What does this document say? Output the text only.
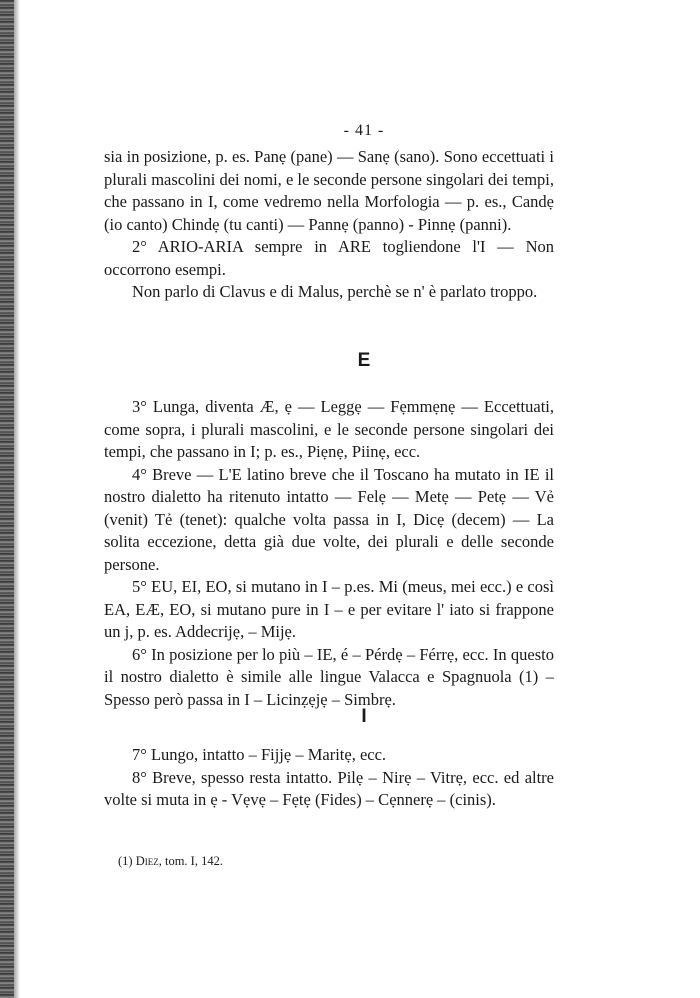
- 41 -

sia in posizione, p. es. Panẹ (pane) — Sanẹ (sano). Sono eccettuati i plurali mascolini dei nomi, e le seconde persone singolari dei tempi, che passano in I, come vedremo nella Morfologia — p. es., Candẹ (io canto) Chindẹ (tu canti) — Pannẹ (panno) - Pinnẹ (panni).

2° ARIO-ARIA sempre in ARE togliendone l'I — Non occorrono esempi.

Non parlo di Clavus e di Malus, perchè se n' è parlato troppo.

E

3° Lunga, diventa Æ, ẹ — Leggẹ — Fẹmmẹnẹ — Eccettuati, come sopra, i plurali mascolini, e le seconde persone singolari dei tempi, che passano in I; p. es., Piẹnẹ, Piinẹ, ecc.

4° Breve — L'E latino breve che il Toscano ha mutato in IE il nostro dialetto ha ritenuto intatto — Felẹ — Metẹ — Petẹ — Vẻ (venit) Tẻ (tenet): qualche volta passa in I, Dicẹ (decem) — La solita eccezione, detta già due volte, dei plurali e delle seconde persone.

5° EU, EI, EO, si mutano in I – p.es. Mi (meus, mei ecc.) e così EA, EÆ, EO, si mutano pure in I – e per evitare l' iato si frappone un j, p. es. Addecrijẹ, – Mijẹ.

6° In posizione per lo più – IE, é – Pérdẹ – Férrẹ, ecc. In questo il nostro dialetto è simile alle lingue Valacca e Spagnuola (1) – Spesso però passa in I – Licinẓẹjẹ – Simbrẹ.

I

7° Lungo, intatto – Fijjẹ – Maritẹ, ecc.

8° Breve, spesso resta intatto. Pilẹ – Nirẹ – Vitrẹ, ecc. ed altre volte si muta in ẹ - Vẹvẹ – Fẹtẹ (Fides) – Cẹnnerẹ – (cinis).

(1) Diez, tom. I, 142.
